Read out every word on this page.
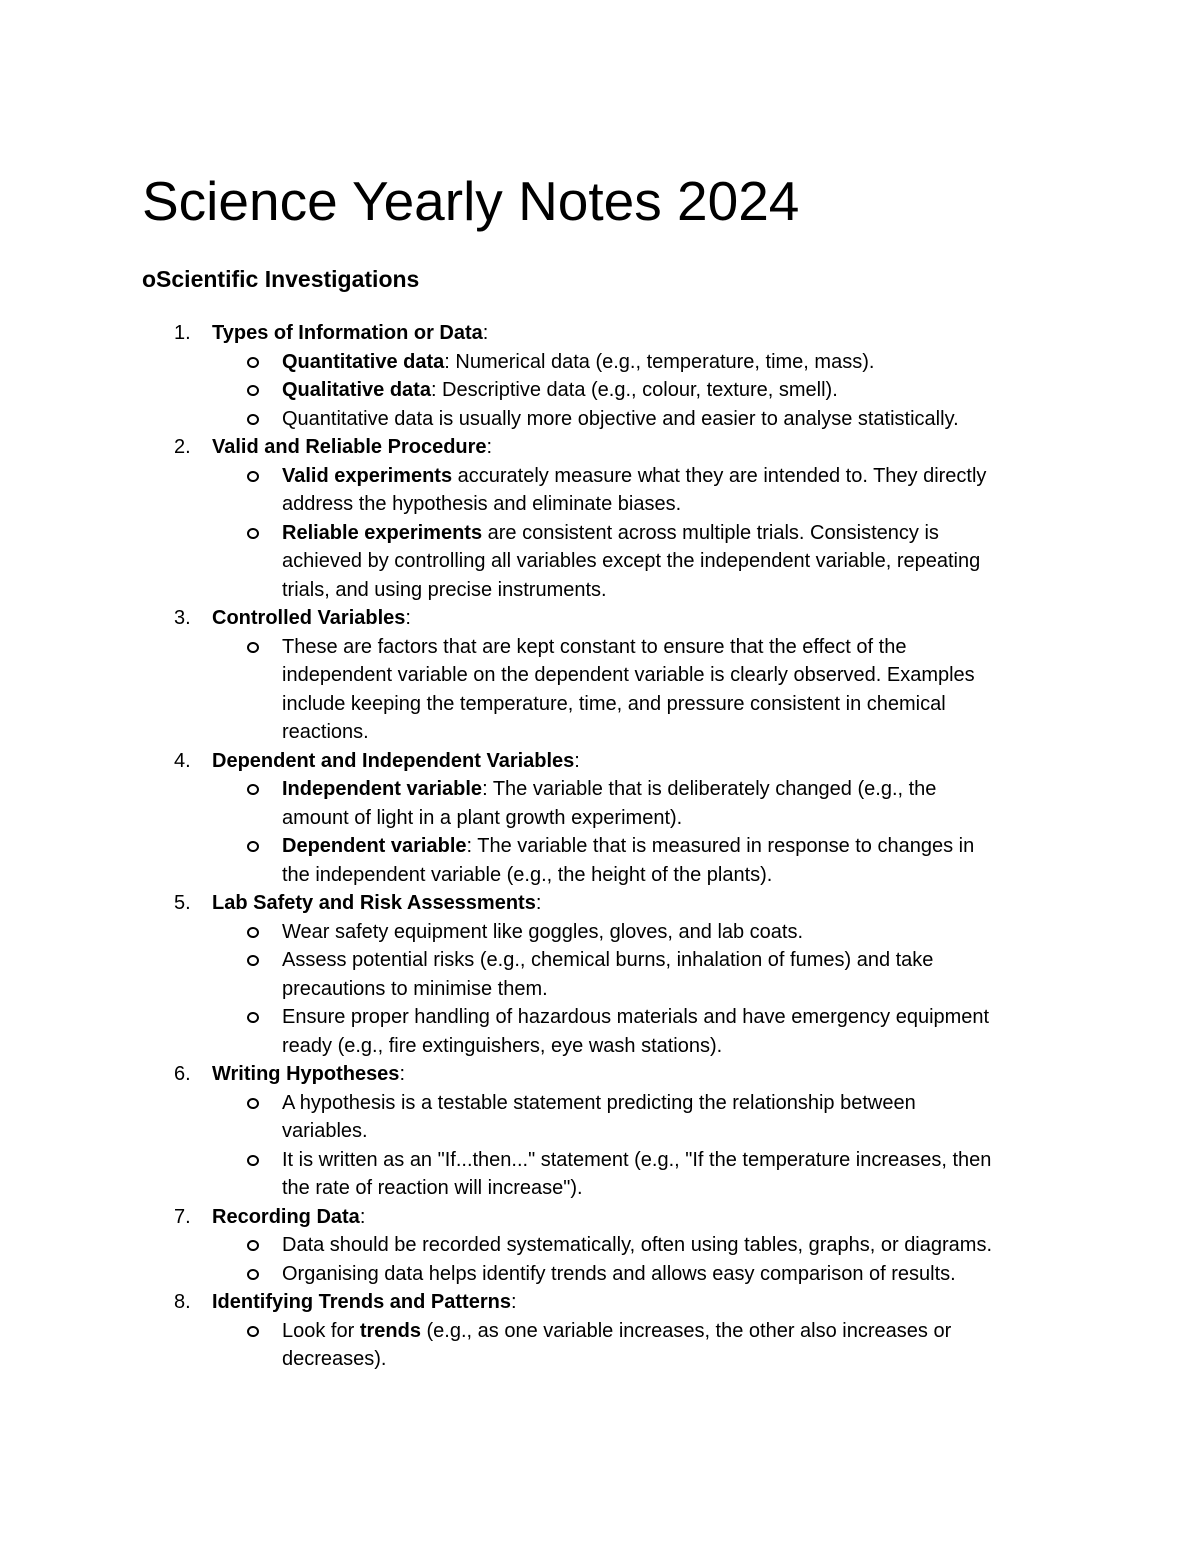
Science Yearly Notes 2024
oScientific Investigations
1. Types of Information or Data:
Quantitative data: Numerical data (e.g., temperature, time, mass).
Qualitative data: Descriptive data (e.g., colour, texture, smell).
Quantitative data is usually more objective and easier to analyse statistically.
2. Valid and Reliable Procedure:
Valid experiments accurately measure what they are intended to. They directly address the hypothesis and eliminate biases.
Reliable experiments are consistent across multiple trials. Consistency is achieved by controlling all variables except the independent variable, repeating trials, and using precise instruments.
3. Controlled Variables:
These are factors that are kept constant to ensure that the effect of the independent variable on the dependent variable is clearly observed. Examples include keeping the temperature, time, and pressure consistent in chemical reactions.
4. Dependent and Independent Variables:
Independent variable: The variable that is deliberately changed (e.g., the amount of light in a plant growth experiment).
Dependent variable: The variable that is measured in response to changes in the independent variable (e.g., the height of the plants).
5. Lab Safety and Risk Assessments:
Wear safety equipment like goggles, gloves, and lab coats.
Assess potential risks (e.g., chemical burns, inhalation of fumes) and take precautions to minimise them.
Ensure proper handling of hazardous materials and have emergency equipment ready (e.g., fire extinguishers, eye wash stations).
6. Writing Hypotheses:
A hypothesis is a testable statement predicting the relationship between variables.
It is written as an "If...then..." statement (e.g., "If the temperature increases, then the rate of reaction will increase").
7. Recording Data:
Data should be recorded systematically, often using tables, graphs, or diagrams.
Organising data helps identify trends and allows easy comparison of results.
8. Identifying Trends and Patterns:
Look for trends (e.g., as one variable increases, the other also increases or decreases).
